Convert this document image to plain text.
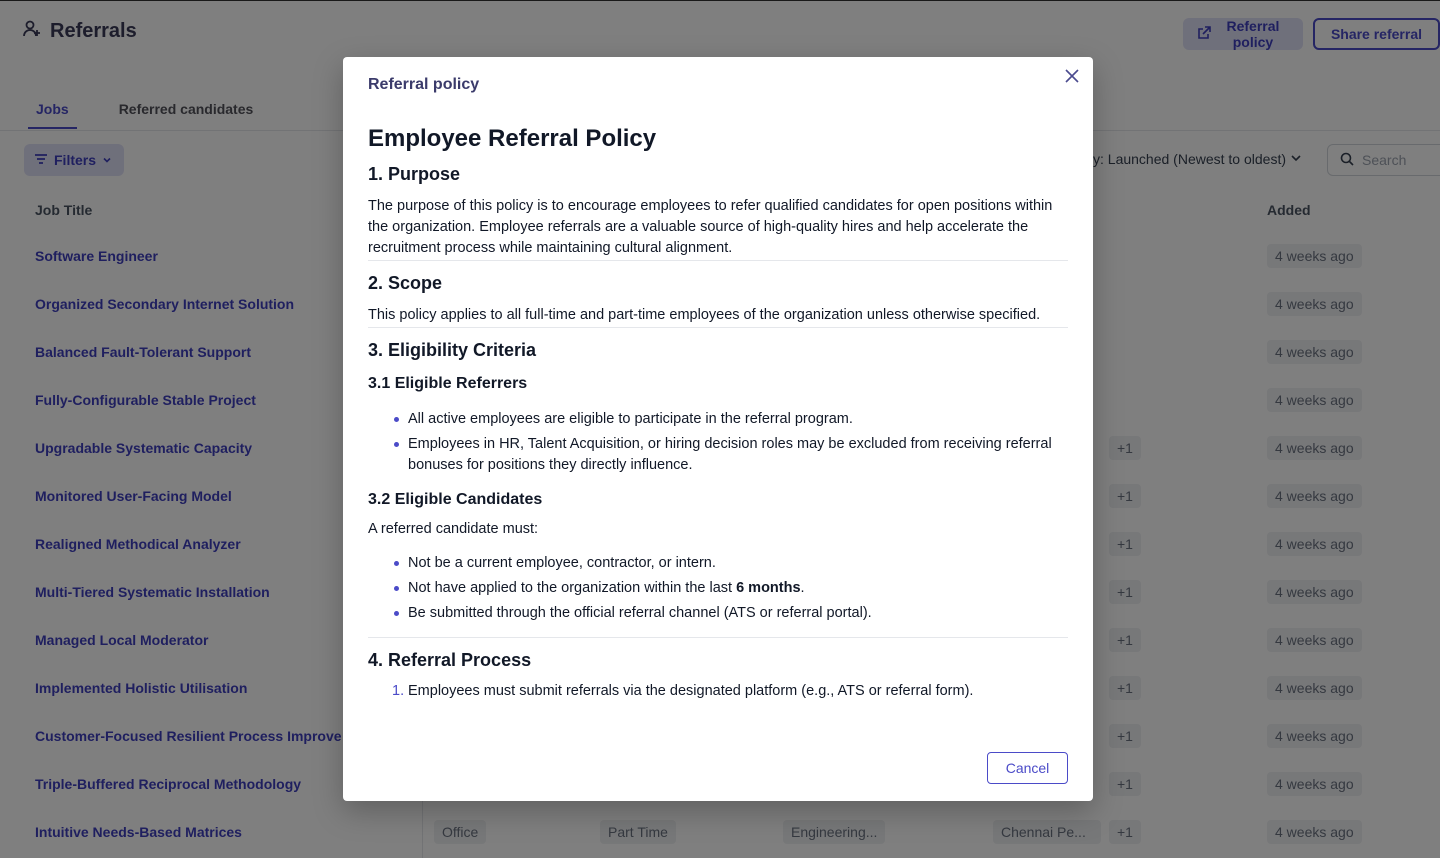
Referral policy
Employee Referral Policy
1. Purpose

The purpose of this policy is to encourage employees to refer qualified candidates for open positions within the organization. Employee referrals are a valuable source of high-quality hires and help accelerate the recruitment process while maintaining cultural alignment.

2. Scope

This policy applies to all full-time and part-time employees of the organization unless otherwise specified.

3. Eligibility Criteria
3.1 Eligible Referrers
All active employees are eligible to participate in the referral program.
Employees in HR, Talent Acquisition, or hiring decision roles may be excluded from receiving referral bonuses for positions they directly influence.
3.2 Eligible Candidates

A referred candidate must:

Not be a current employee, contractor, or intern.
Not have applied to the organization within the last 6 months.
Be submitted through the official referral channel (ATS or referral portal).
4. Referral Process
1. Employees must submit referrals via the designated platform (e.g., ATS or referral form).
Cancel
